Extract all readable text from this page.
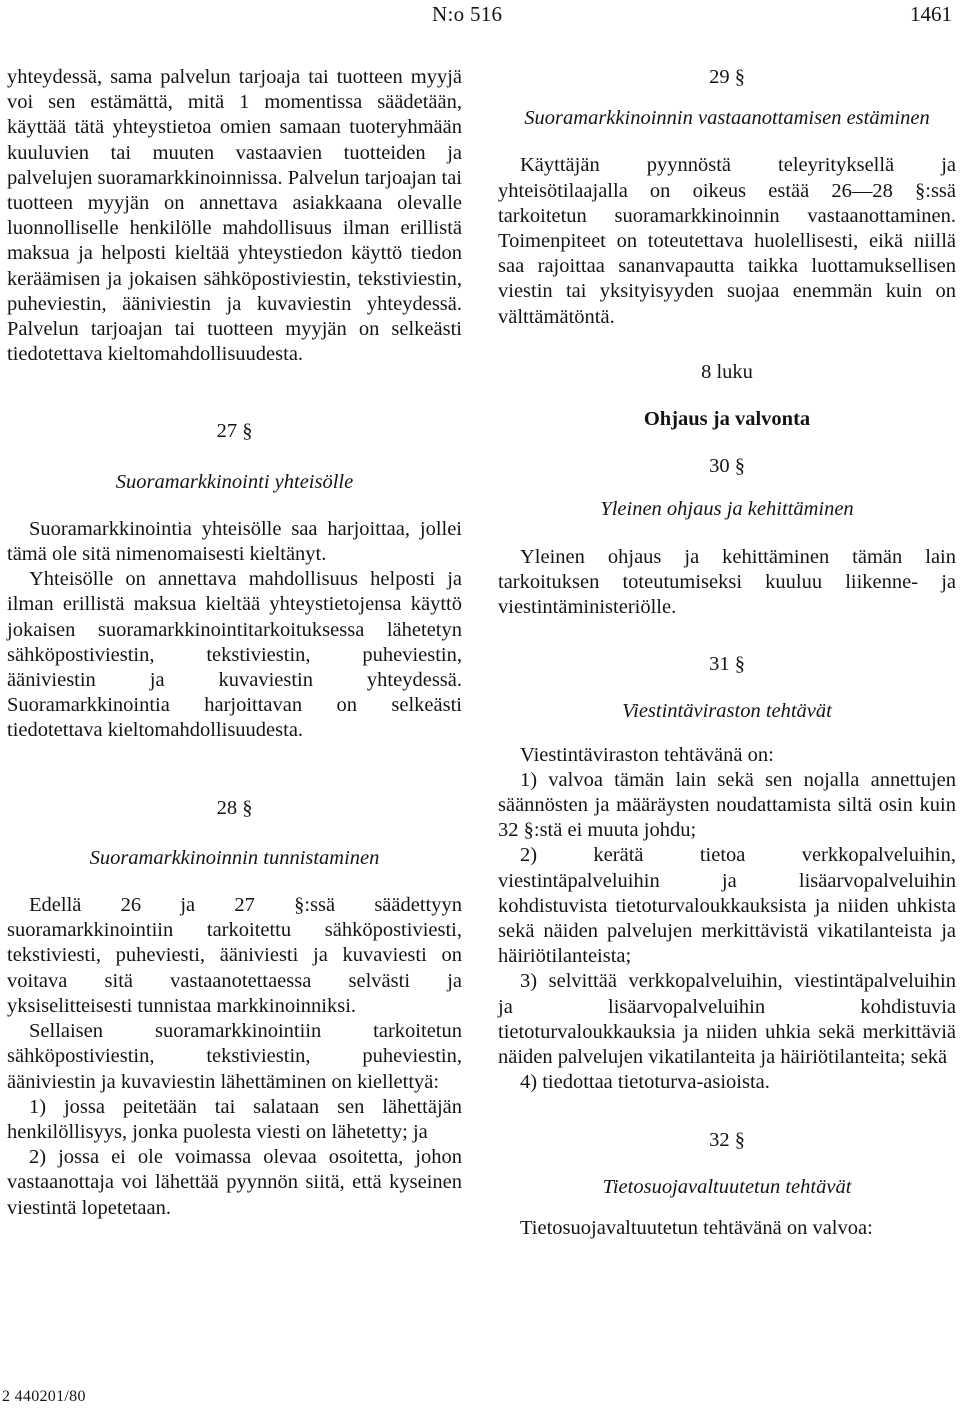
N:o 516	1461

yhteydessä, sama palvelun tarjoaja tai tuotteen myyjä voi sen estämättä, mitä 1 momentissa säädetään, käyttää tätä yhteystietoa omien samaan tuoteryhmään kuuluvien tai muuten vastaavien tuotteiden ja palvelujen suoramarkkinoinnissa. Palvelun tarjoajan tai tuotteen myyjän on annettava asiakkaana olevalle luonnolliselle henkilölle mahdollisuus ilman erillistä maksua ja helposti kieltää yhteystiedon käyttö tiedon keräämisen ja jokaisen sähköpostiviestin, tekstiviestin, puheviestin, ääniviestin ja kuvaviestin yhteydessä. Palvelun tarjoajan tai tuotteen myyjän on selkeästi tiedotettava kieltomahdollisuudesta.

27 §

Suoramarkkinointi yhteisölle

Suoramarkkinointia yhteisölle saa harjoittaa, jollei tämä ole sitä nimenomaisesti kieltänyt.

Yhteisölle on annettava mahdollisuus helposti ja ilman erillistä maksua kieltää yhteystietojensa käyttö jokaisen suoramarkkinointitarkoituksessa lähetetyn sähköpostiviestin, tekstiviestin, puheviestin, ääniviestin ja kuvaviestin yhteydessä. Suoramarkkinointia harjoittavan on selkeästi tiedotettava kieltomahdollisuudesta.

28 §

Suoramarkkinoinnin tunnistaminen

Edellä 26 ja 27 §:ssä säädettyyn suoramarkkinointiin tarkoitettu sähköpostiviesti, tekstiviesti, puheviesti, ääniviesti ja kuvaviesti on voitava sitä vastaanotettaessa selvästi ja yksiselitteisesti tunnistaa markkinoinniksi.

Sellaisen suoramarkkinointiin tarkoitetun sähköpostiviestin, tekstiviestin, puheviestin, ääniviestin ja kuvaviestin lähettäminen on kiellettyä:

1) jossa peitetään tai salataan sen lähettäjän henkilöllisyys, jonka puolesta viesti on lähetetty; ja

2) jossa ei ole voimassa olevaa osoitetta, johon vastaanottaja voi lähettää pyynnön siitä, että kyseinen viestintä lopetetaan.

29 §

Suoramarkkinoinnin vastaanottamisen estäminen

Käyttäjän pyynnöstä teleyrityksellä ja yhteisötilaajalla on oikeus estää 26—28 §:ssä tarkoitetun suoramarkkinoinnin vastaanottaminen. Toimenpiteet on toteutettava huolellisesti, eikä niillä saa rajoittaa sananvapautta taikka luottamuksellisen viestin tai yksityisyyden suojaa enemmän kuin on välttämätöntä.

8 luku

Ohjaus ja valvonta

30 §

Yleinen ohjaus ja kehittäminen

Yleinen ohjaus ja kehittäminen tämän lain tarkoituksen toteutumiseksi kuuluu liikenne- ja viestintäministeriölle.

31 §

Viestintäviraston tehtävät

Viestintäviraston tehtävänä on:

1) valvoa tämän lain sekä sen nojalla annettujen säännösten ja määräysten noudattamista siltä osin kuin 32 §:stä ei muuta johdu;

2) kerätä tietoa verkkopalveluihin, viestintäpalveluihin ja lisäarvopalveluihin kohdistuvista tietoturvaloukkauksista ja niiden uhkista sekä näiden palvelujen merkittävistä vikatilanteista ja häiriötilanteista;

3) selvittää verkkopalveluihin, viestintäpalveluihin ja lisäarvopalveluihin kohdistuvia tietoturvaloukkauksia ja niiden uhkia sekä merkittäviä näiden palvelujen vikatilanteita ja häiriötilanteita; sekä

4) tiedottaa tietoturva-asioista.

32 §

Tietosuojavaltuutetun tehtävät

Tietosuojavaltuutetun tehtävänä on valvoa:

2 440201/80
